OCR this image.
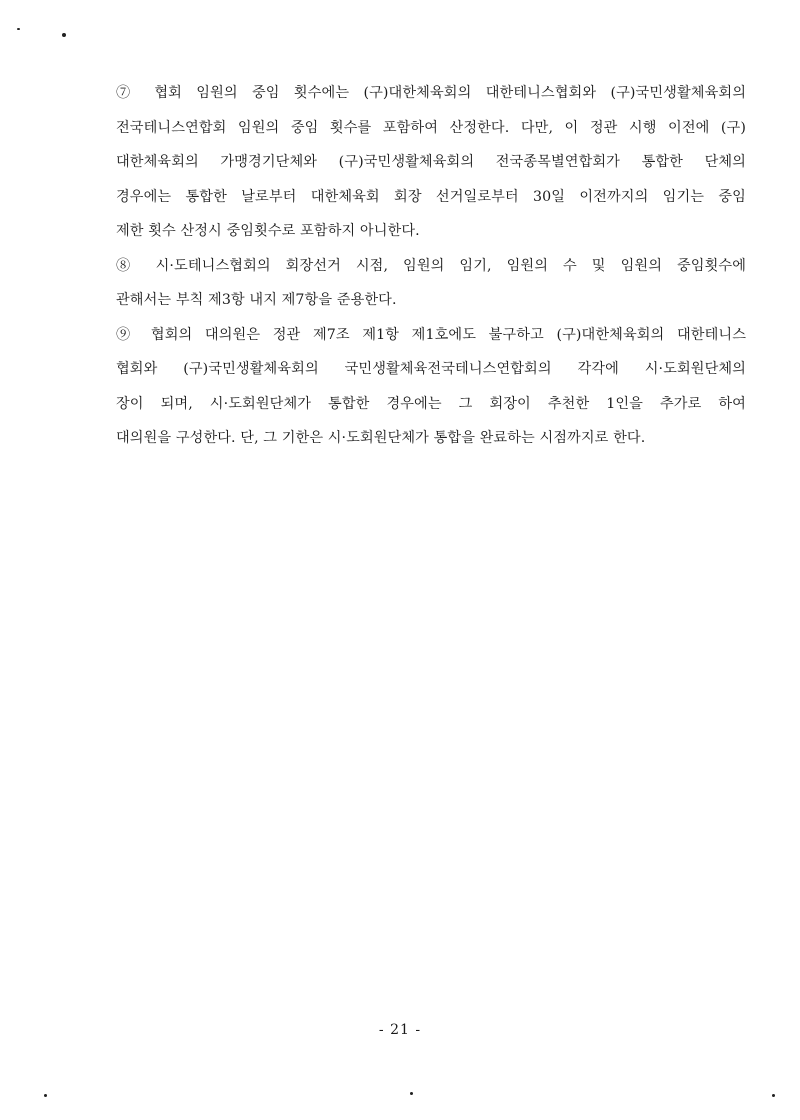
⑦ 협회 임원의 중임 횟수에는 (구)대한체육회의 대한테니스협회와 (구)국민생활체육회의
전국테니스연합회 임원의 중임 횟수를 포함하여 산정한다. 다만, 이 정관 시행 이전에 (구)
대한체육회의 가맹경기단체와 (구)국민생활체육회의 전국종목별연합회가 통합한 단체의
경우에는 통합한 날로부터 대한체육회 회장 선거일로부터 30일 이전까지의 임기는 중임
제한 횟수 산정시 중임횟수로 포함하지 아니한다.

⑧ 시·도테니스협회의 회장선거 시점, 임원의 임기, 임원의 수 및 임원의 중임횟수에
관해서는 부칙 제3항 내지 제7항을 준용한다.

⑨ 협회의 대의원은 정관 제7조 제1항 제1호에도 불구하고 (구)대한체육회의 대한테니스
협회와 (구)국민생활체육회의 국민생활체육전국테니스연합회의 각각에 시·도회원단체의
장이 되며, 시·도회원단체가 통합한 경우에는 그 회장이 추천한 1인을 추가로 하여
대의원을 구성한다. 단, 그 기한은 시·도회원단체가 통합을 완료하는 시점까지로 한다.

- 21 -
